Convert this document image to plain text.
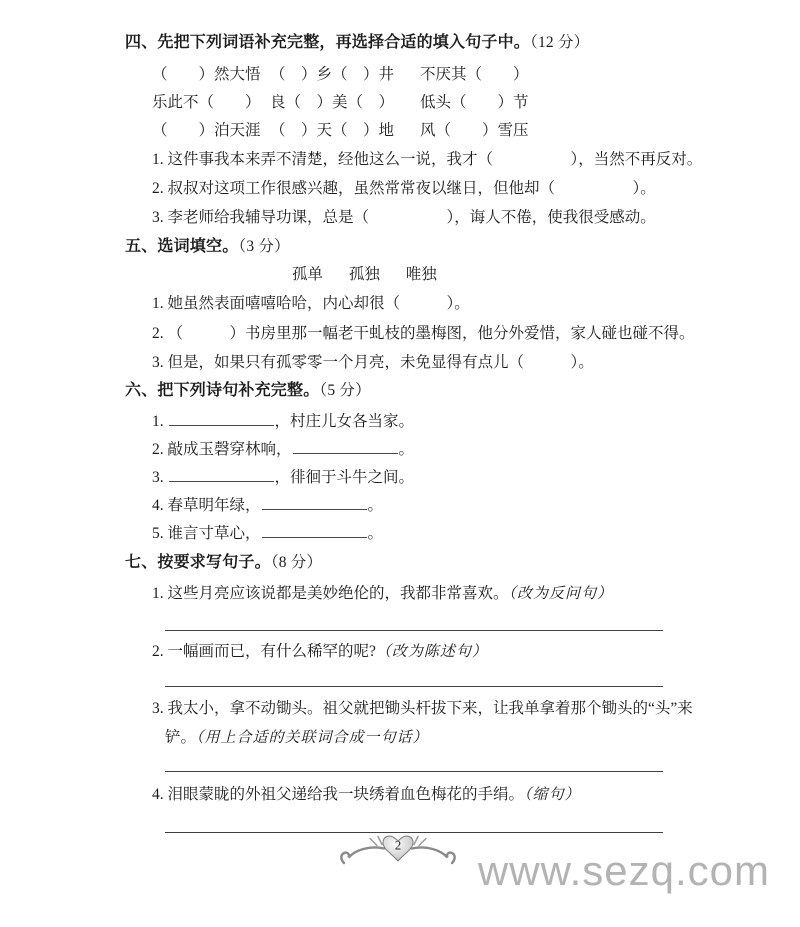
四、先把下列词语补充完整，再选择合适的填入句子中。（12 分）
（　　）然大悟 （　）乡（　）井	不厌其（　　）
乐此不（　　） 良（　）美（　）	低头（　　）节
（　　）泊天涯 （　）天（　）地	风（　　）雪压
1. 这件事我本来弄不清楚，经他这么一说，我才（　　　　　），当然不再反对。
2. 叔叔对这项工作很感兴趣，虽然常常夜以继日，但他却（　　　　　）。
3. 李老师给我辅导功课，总是（　　　　　），诲人不倦，使我很受感动。
五、选词填空。（3 分）
孤单 孤独 唯独
1. 她虽然表面嘻嘻哈哈，内心却很（　　　）。
2. （　　　）书房里那一幅老干虬枝的墨梅图，他分外爱惜，家人碰也碰不得。
3. 但是，如果只有孤零零一个月亮，未免显得有点儿（　　　）。
六、把下列诗句补充完整。（5 分）
1.	，村庄儿女各当家。
2. 敲成玉磬穿林响，	。
3.	，徘徊于斗牛之间。
4. 春草明年绿，	。
5. 谁言寸草心，	。
七、按要求写句子。（8 分）
1. 这些月亮应该说都是美妙绝伦的，我都非常喜欢。（改为反问句）
2. 一幅画而已，有什么稀罕的呢?（改为陈述句）
3. 我太小，拿不动锄头。祖父就把锄头杆拔下来，让我单拿着那个锄头的“头”来铲。（用上合适的关联词合成一句话）
4. 泪眼蒙眬的外祖父递给我一块绣着血色梅花的手绢。（缩句）
2
www.sezq.com
